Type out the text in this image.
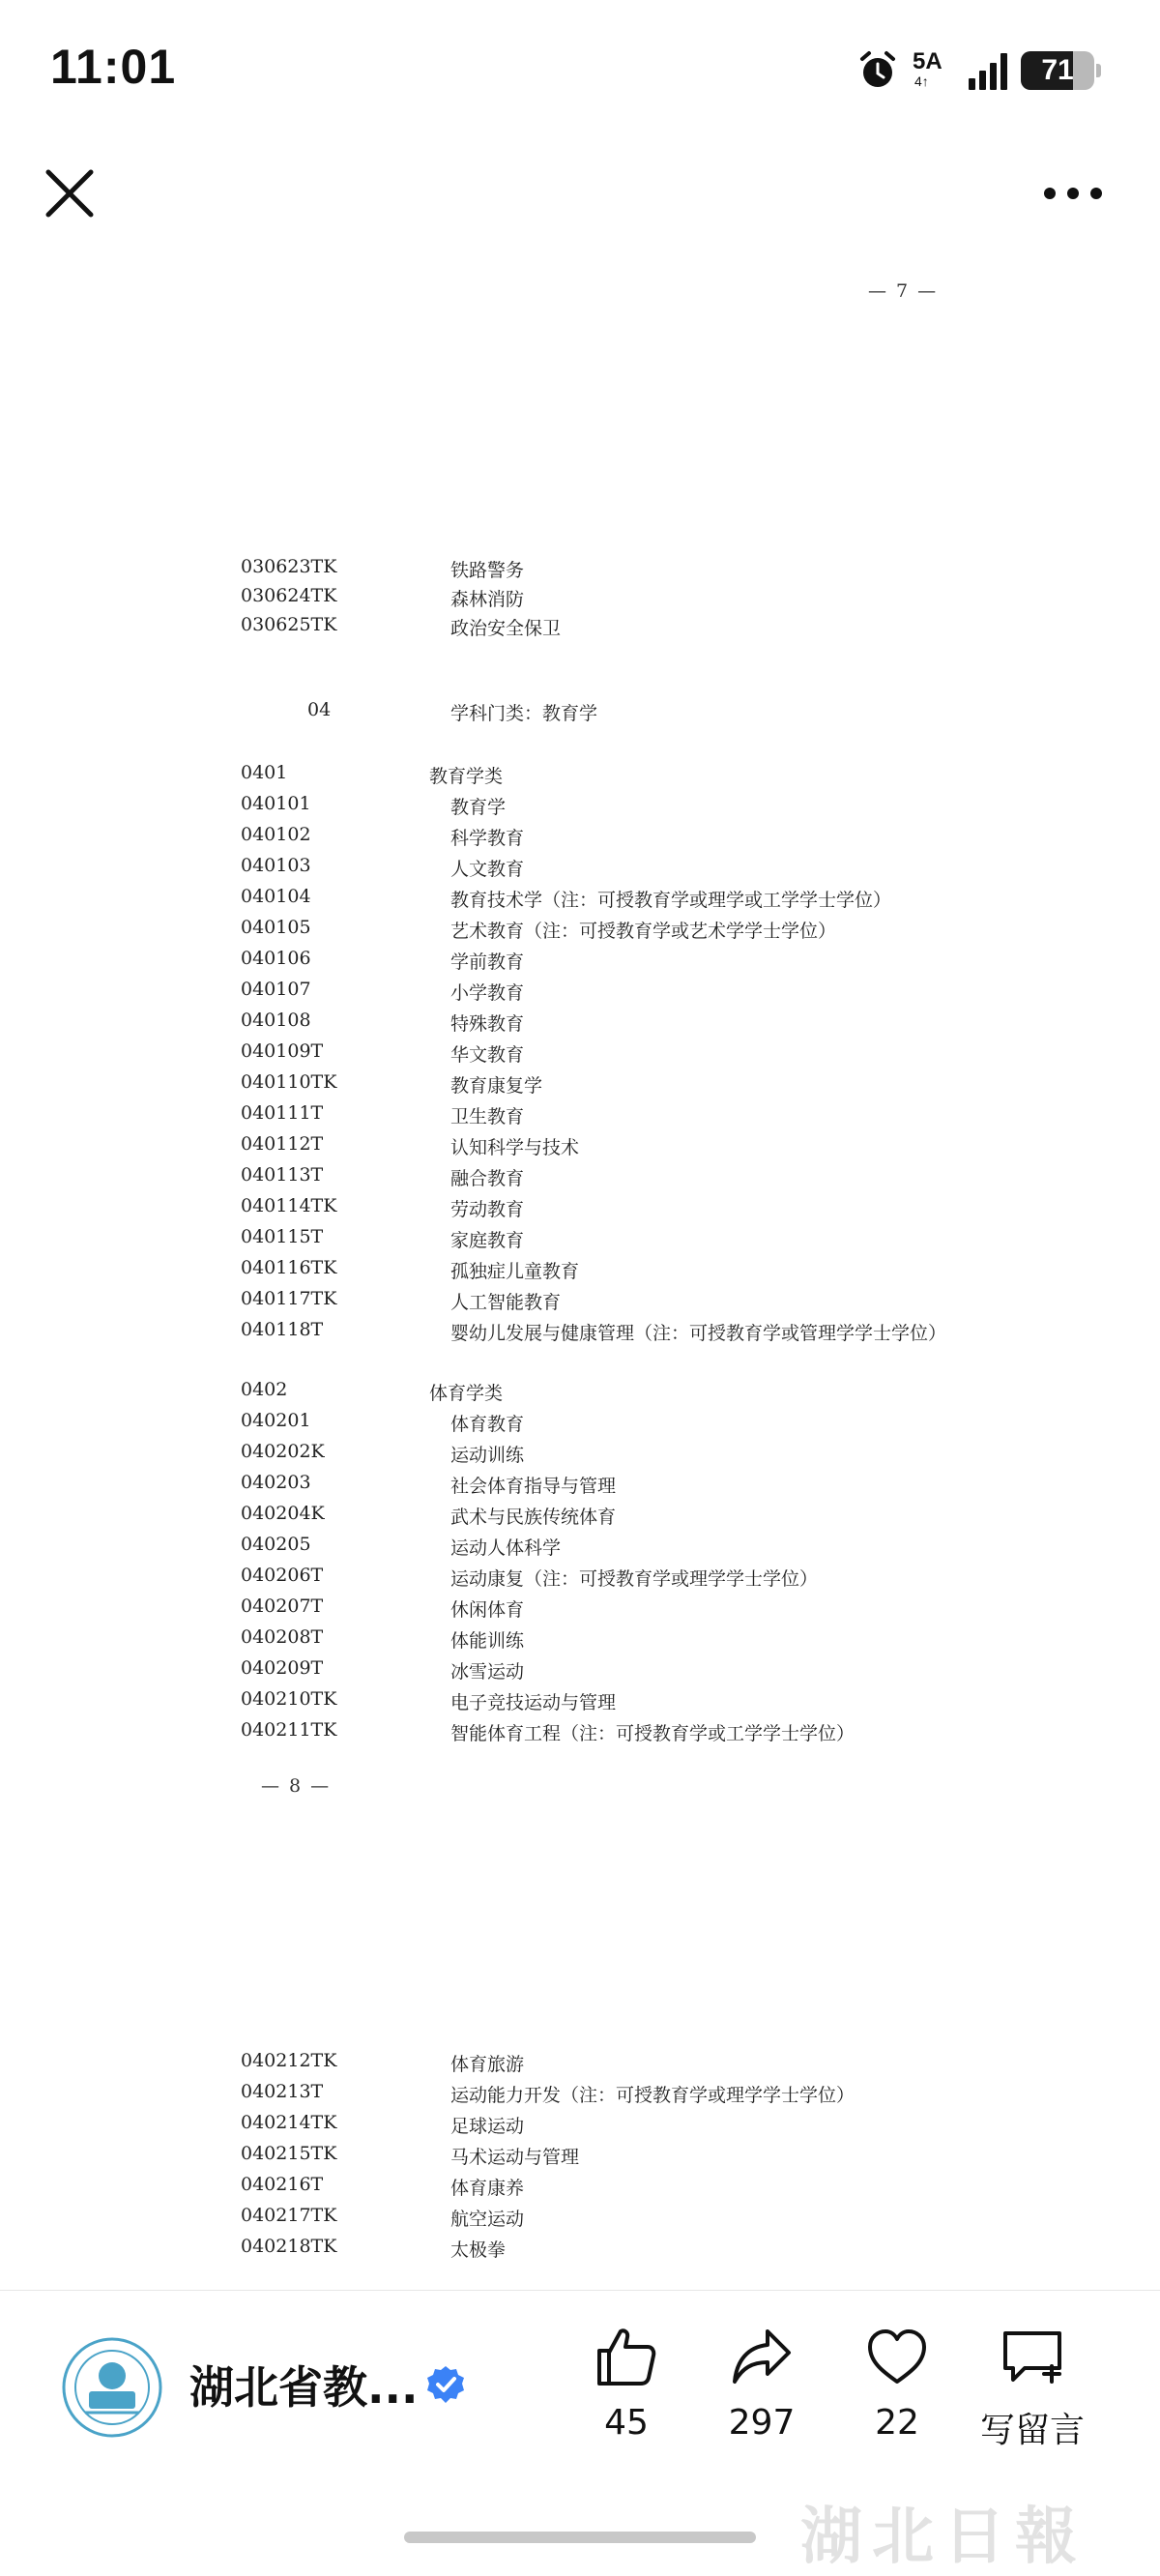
11:01	5A
4↑	71
— 7 —
030623TK	铁路警务
030624TK	森林消防
030625TK	政治安全保卫
04	学科门类：教育学
0401	教育学类
040101	教育学
040102	科学教育
040103	人文教育
040104	教育技术学（注：可授教育学或理学或工学学士学位）
040105	艺术教育（注：可授教育学或艺术学学士学位）
040106	学前教育
040107	小学教育
040108	特殊教育
040109T	华文教育
040110TK	教育康复学
040111T	卫生教育
040112T	认知科学与技术
040113T	融合教育
040114TK	劳动教育
040115T	家庭教育
040116TK	孤独症儿童教育
040117TK	人工智能教育
040118T	婴幼儿发展与健康管理（注：可授教育学或管理学学士学位）
0402	体育学类
040201	体育教育
040202K	运动训练
040203	社会体育指导与管理
040204K	武术与民族传统体育
040205	运动人体科学
040206T	运动康复（注：可授教育学或理学学士学位）
040207T	休闲体育
040208T	体能训练
040209T	冰雪运动
040210TK	电子竞技运动与管理
040211TK	智能体育工程（注：可授教育学或工学学士学位）
— 8 —
040212TK	体育旅游
040213T	运动能力开发（注：可授教育学或理学学士学位）
040214TK	足球运动
040215TK	马术运动与管理
040216T	体育康养
040217TK	航空运动
040218TK	太极拳
湖北省教...
45	297	22	写留言
湖北日報
